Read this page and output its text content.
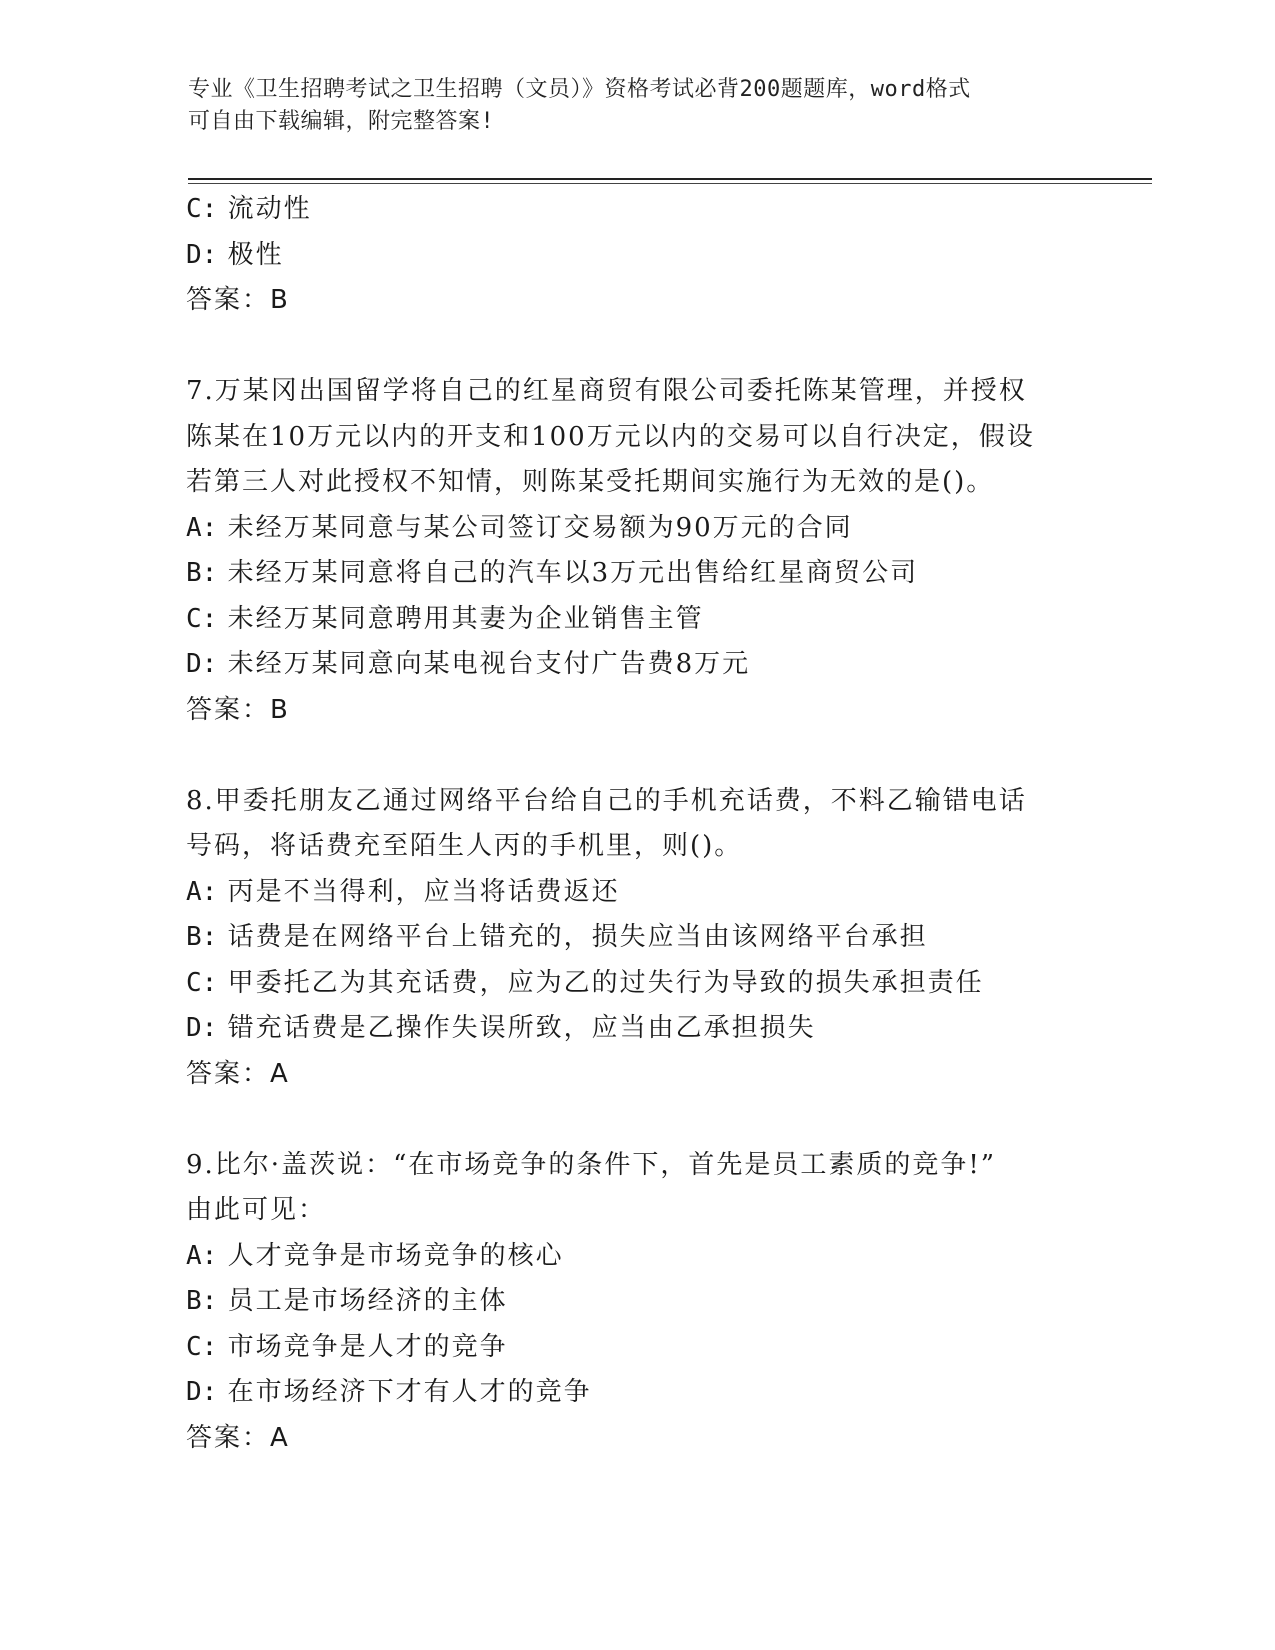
专业《卫生招聘考试之卫生招聘（文员）》资格考试必背200题题库，word格式
可自由下载编辑，附完整答案!
C: 流动性
D: 极性
答案：B
7.万某冈出国留学将自己的红星商贸有限公司委托陈某管理，并授权
陈某在10万元以内的开支和100万元以内的交易可以自行决定，假设
若第三人对此授权不知情，则陈某受托期间实施行为无效的是()。
A: 未经万某同意与某公司签订交易额为90万元的合同
B: 未经万某同意将自己的汽车以3万元出售给红星商贸公司
C: 未经万某同意聘用其妻为企业销售主管
D: 未经万某同意向某电视台支付广告费8万元
答案：B
8.甲委托朋友乙通过网络平台给自己的手机充话费，不料乙输错电话
号码，将话费充至陌生人丙的手机里，则()。
A: 丙是不当得利，应当将话费返还
B: 话费是在网络平台上错充的，损失应当由该网络平台承担
C: 甲委托乙为其充话费，应为乙的过失行为导致的损失承担责任
D: 错充话费是乙操作失误所致，应当由乙承担损失
答案：A
9.比尔·盖茨说：“在市场竞争的条件下，首先是员工素质的竞争!”
由此可见：
A: 人才竞争是市场竞争的核心
B: 员工是市场经济的主体
C: 市场竞争是人才的竞争
D: 在市场经济下才有人才的竞争
答案：A
